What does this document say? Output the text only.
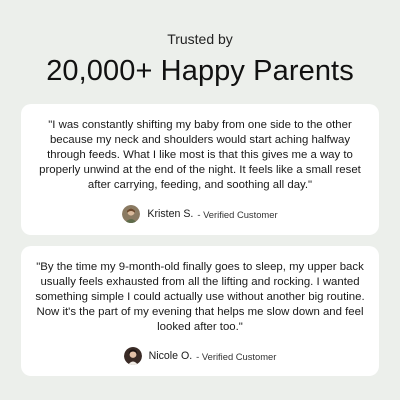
Trusted by
20,000+ Happy Parents

"I was constantly shifting my baby from one side to the other because my neck and shoulders would start aching halfway through feeds. What I like most is that this gives me a way to properly unwind at the end of the night. It feels like a small reset after carrying, feeding, and soothing all day."

Kristen S. - Verified Customer

"By the time my 9-month-old finally goes to sleep, my upper back usually feels exhausted from all the lifting and rocking. I wanted something simple I could actually use without another big routine. Now it's the part of my evening that helps me slow down and feel looked after too."

Nicole O. - Verified Customer
